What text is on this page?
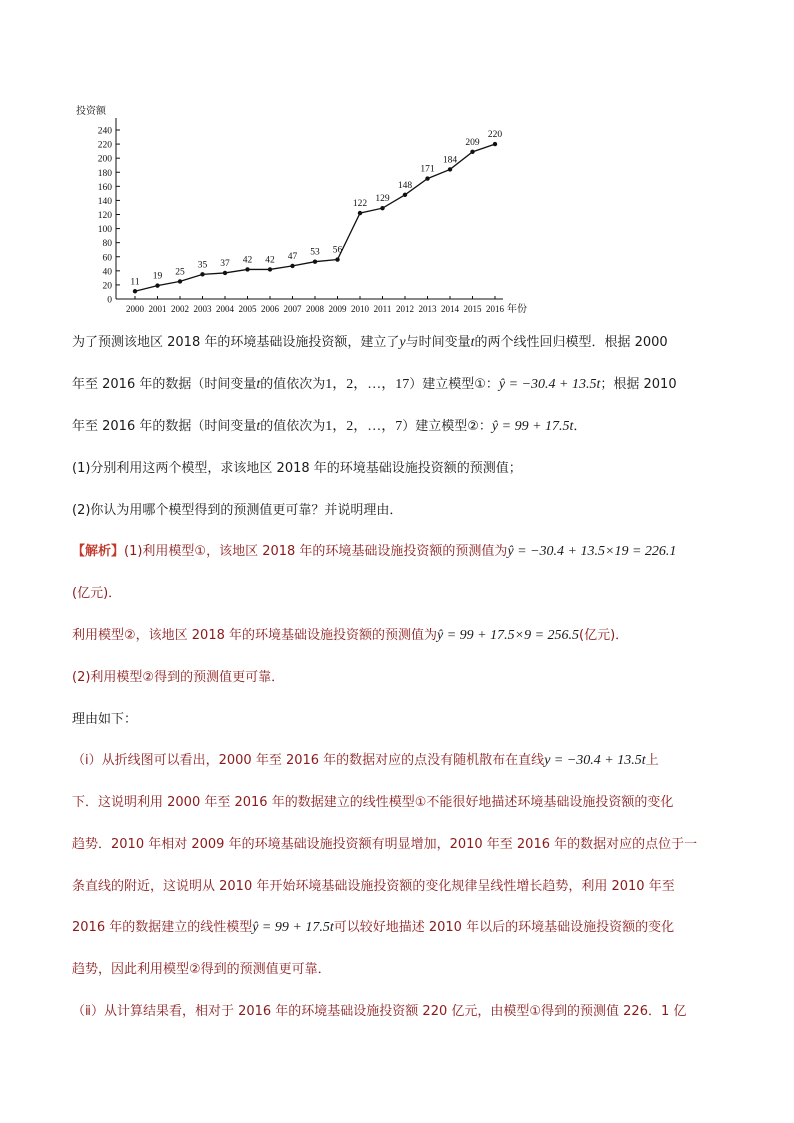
投资额
0
20
40
60
80
100
120
140
160
180
200
220
240
2000 2001 2002 2003 2004 2005 2006 2007 2008 2009 2010 2011 2012 2013 2014 2015 2016 年份
11
19 25
35 37 42 42 47 53 56
122 129
148
171
184
209
220
为了预测该地区 2018 年的环境基础设施投资额，建立了y与时间变量t的两个线性回归模型．根据 2000
年至 2016 年的数据（时间变量t的值依次为1，2，…，17）建立模型①：ŷ = −30.4 + 13.5t；根据 2010
年至 2016 年的数据（时间变量t的值依次为1，2，…，7）建立模型②：ŷ = 99 + 17.5t．
(1)分别利用这两个模型，求该地区 2018 年的环境基础设施投资额的预测值；
(2)你认为用哪个模型得到的预测值更可靠？并说明理由．
【解析】(1)利用模型①，该地区 2018 年的环境基础设施投资额的预测值为ŷ = −30.4 + 13.5×19 = 226.1
(亿元)．
利用模型②，该地区 2018 年的环境基础设施投资额的预测值为ŷ = 99 + 17.5×9 = 256.5(亿元)．
(2)利用模型②得到的预测值更可靠．
理由如下：
（ⅰ）从折线图可以看出，2000 年至 2016 年的数据对应的点没有随机散布在直线y = −30.4 + 13.5t上
下．这说明利用 2000 年至 2016 年的数据建立的线性模型①不能很好地描述环境基础设施投资额的变化
趋势．2010 年相对 2009 年的环境基础设施投资额有明显增加，2010 年至 2016 年的数据对应的点位于一
条直线的附近，这说明从 2010 年开始环境基础设施投资额的变化规律呈线性增长趋势，利用 2010 年至
2016 年的数据建立的线性模型ŷ = 99 + 17.5t可以较好地描述 2010 年以后的环境基础设施投资额的变化
趋势，因此利用模型②得到的预测值更可靠．
（ⅱ）从计算结果看，相对于 2016 年的环境基础设施投资额 220 亿元，由模型①得到的预测值 226．1 亿
